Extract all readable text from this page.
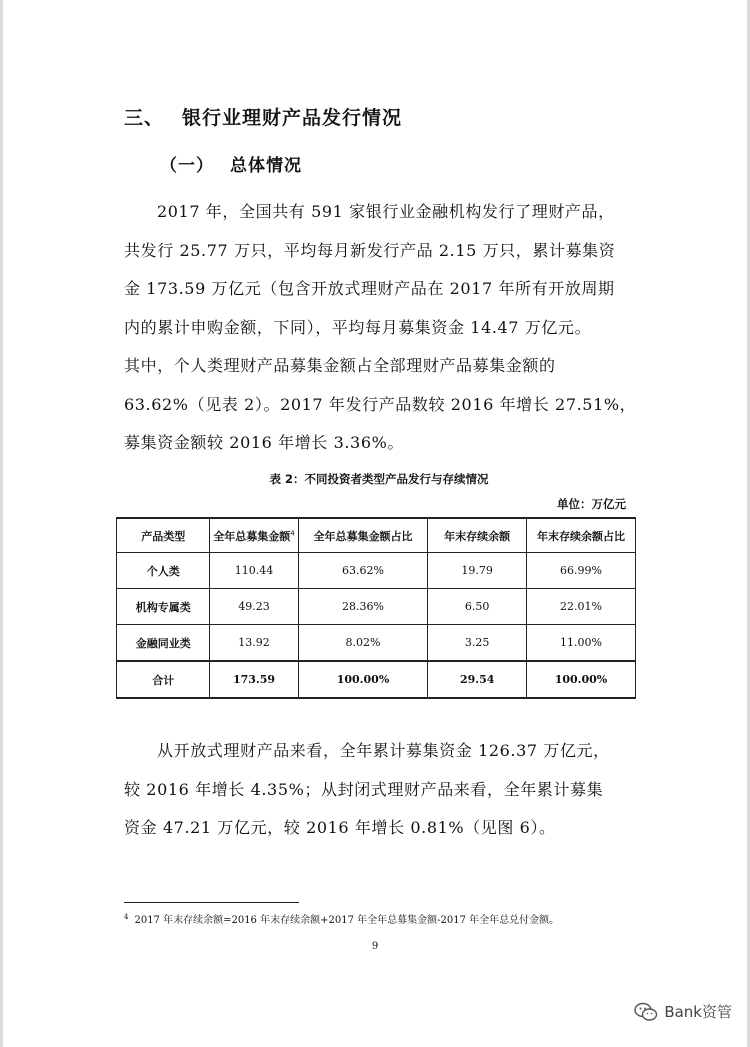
三、 银行业理财产品发行情况
（一） 总体情况
2017 年，全国共有 591 家银行业金融机构发行了理财产品，
共发行 25.77 万只，平均每月新发行产品 2.15 万只，累计募集资
金 173.59 万亿元（包含开放式理财产品在 2017 年所有开放周期
内的累计申购金额，下同），平均每月募集资金 14.47 万亿元。
其中，个人类理财产品募集金额占全部理财产品募集金额的
63.62%（见表 2）。2017 年发行产品数较 2016 年增长 27.51%，
募集资金额较 2016 年增长 3.36%。
表 2：不同投资者类型产品发行与存续情况
单位：万亿元
产品类型	全年总募集金额$^4$	全年总募集金额占比	年末存续余额	年末存续余额占比
个人类	110.44	63.62%	19.79	66.99%
机构专属类	49.23	28.36%	6.50	22.01%
金融同业类	13.92	8.02%	3.25	11.00%
合计	173.59	100.00%	29.54	100.00%
从开放式理财产品来看，全年累计募集资金 126.37 万亿元，
较 2016 年增长 4.35%；从封闭式理财产品来看，全年累计募集
资金 47.21 万亿元，较 2016 年增长 0.81%（见图 6）。
$^4$ 2017 年末存续余额=2016 年末存续余额+2017 年全年总募集金额-2017 年全年总兑付金额。
9
Bank资管
